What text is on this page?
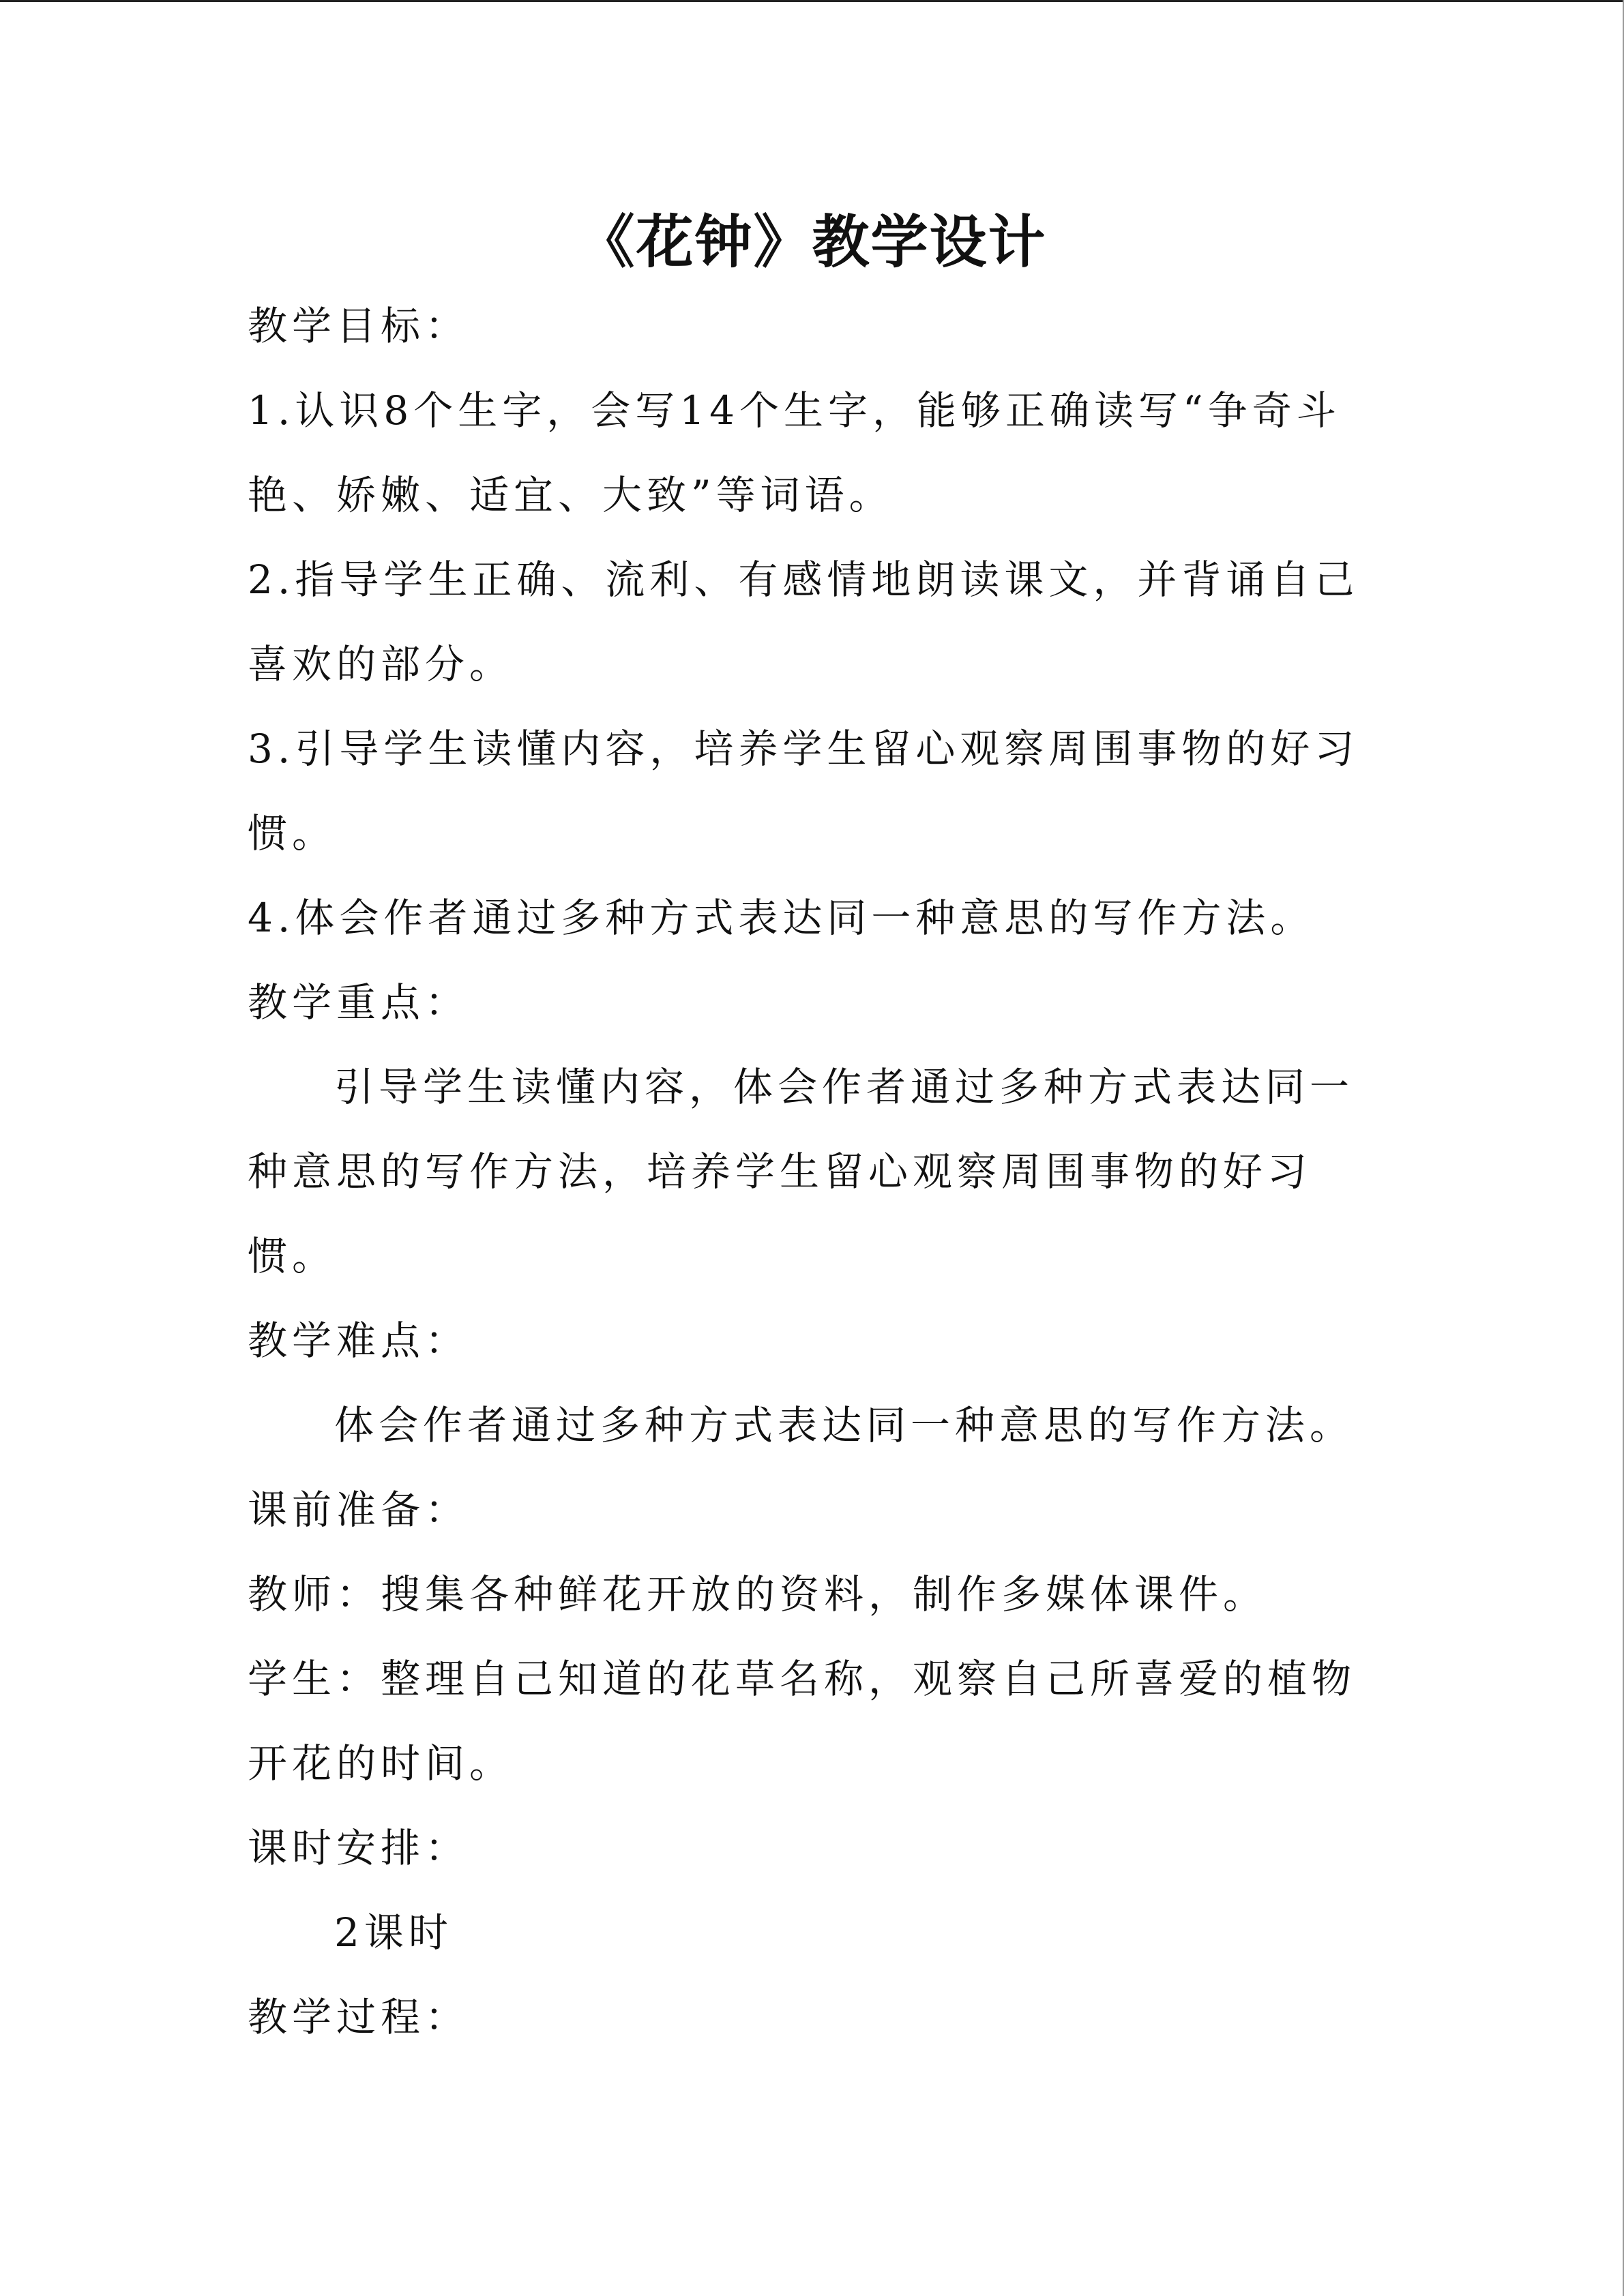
《花钟》教学设计
教学目标：
1.认识8个生字，会写14个生字，能够正确读写“争奇斗
艳、娇嫩、适宜、大致”等词语。
2.指导学生正确、流利、有感情地朗读课文，并背诵自己
喜欢的部分。
3.引导学生读懂内容，培养学生留心观察周围事物的好习
惯。
4.体会作者通过多种方式表达同一种意思的写作方法。
教学重点：
引导学生读懂内容，体会作者通过多种方式表达同一
种意思的写作方法，培养学生留心观察周围事物的好习
惯。
教学难点：
体会作者通过多种方式表达同一种意思的写作方法。
课前准备：
教师：搜集各种鲜花开放的资料，制作多媒体课件。
学生：整理自己知道的花草名称，观察自己所喜爱的植物
开花的时间。
课时安排：
2课时
教学过程：
